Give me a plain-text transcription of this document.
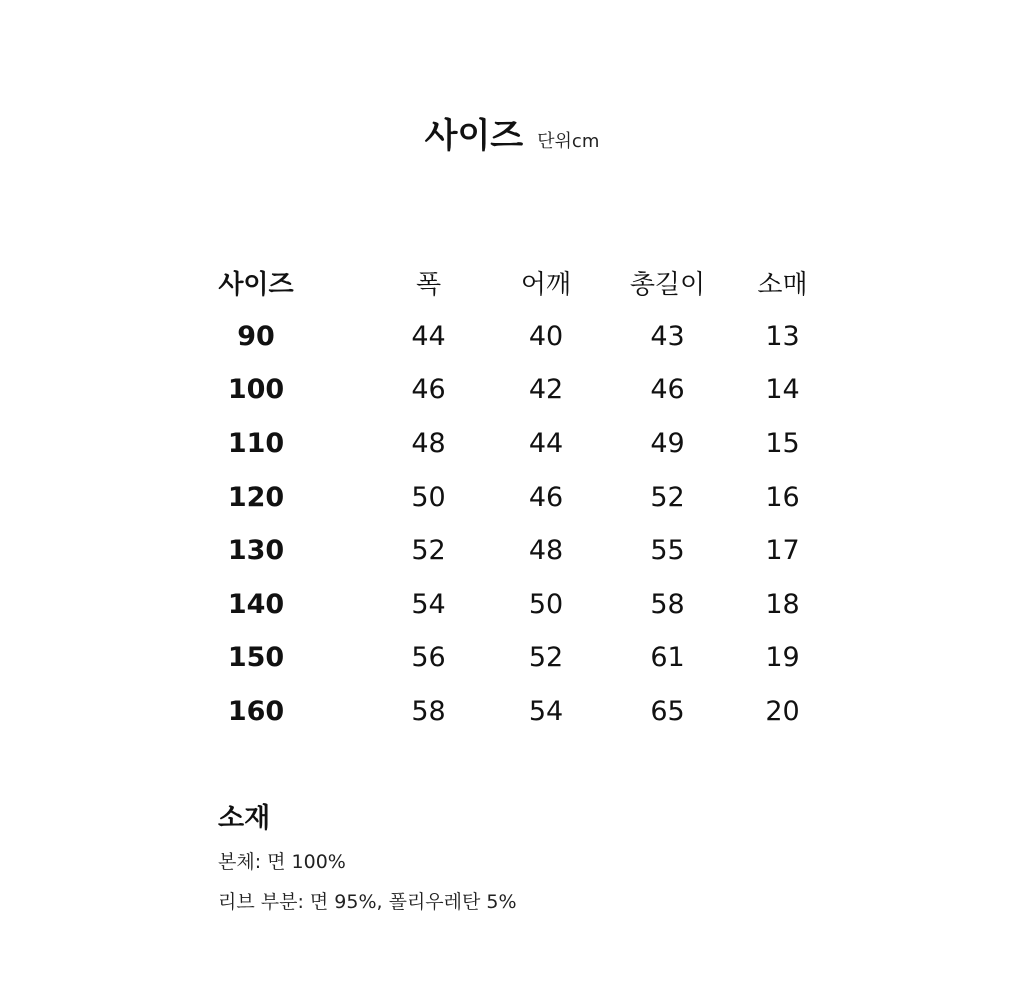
사이즈 단위cm
사이즈		폭	어깨	총길이	소매
90		44	40	43	13
100		46	42	46	14
110		48	44	49	15
120		50	46	52	16
130		52	48	55	17
140		54	50	58	18
150		56	52	61	19
160		58	54	65	20
소재
본체: 면 100%
리브 부분: 면 95%, 폴리우레탄 5%
